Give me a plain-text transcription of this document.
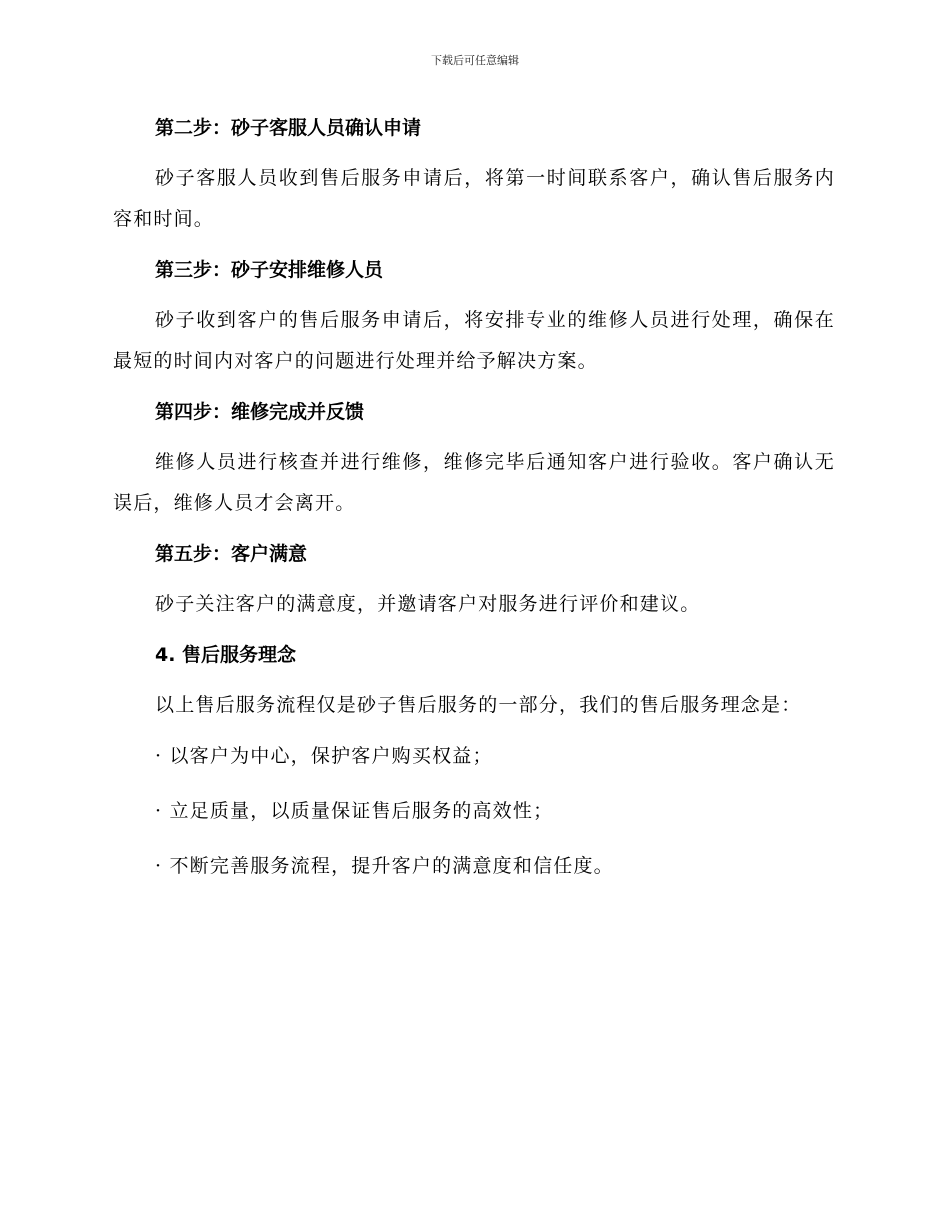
下载后可任意编辑

第二步：砂子客服人员确认申请

砂子客服人员收到售后服务申请后，将第一时间联系客户，确认售后服务内容和时间。

第三步：砂子安排维修人员

砂子收到客户的售后服务申请后，将安排专业的维修人员进行处理，确保在最短的时间内对客户的问题进行处理并给予解决方案。

第四步：维修完成并反馈

维修人员进行核查并进行维修，维修完毕后通知客户进行验收。客户确认无误后，维修人员才会离开。

第五步：客户满意

砂子关注客户的满意度，并邀请客户对服务进行评价和建议。

4. 售后服务理念

以上售后服务流程仅是砂子售后服务的一部分，我们的售后服务理念是：

· 以客户为中心，保护客户购买权益；

· 立足质量，以质量保证售后服务的高效性；

· 不断完善服务流程，提升客户的满意度和信任度。
